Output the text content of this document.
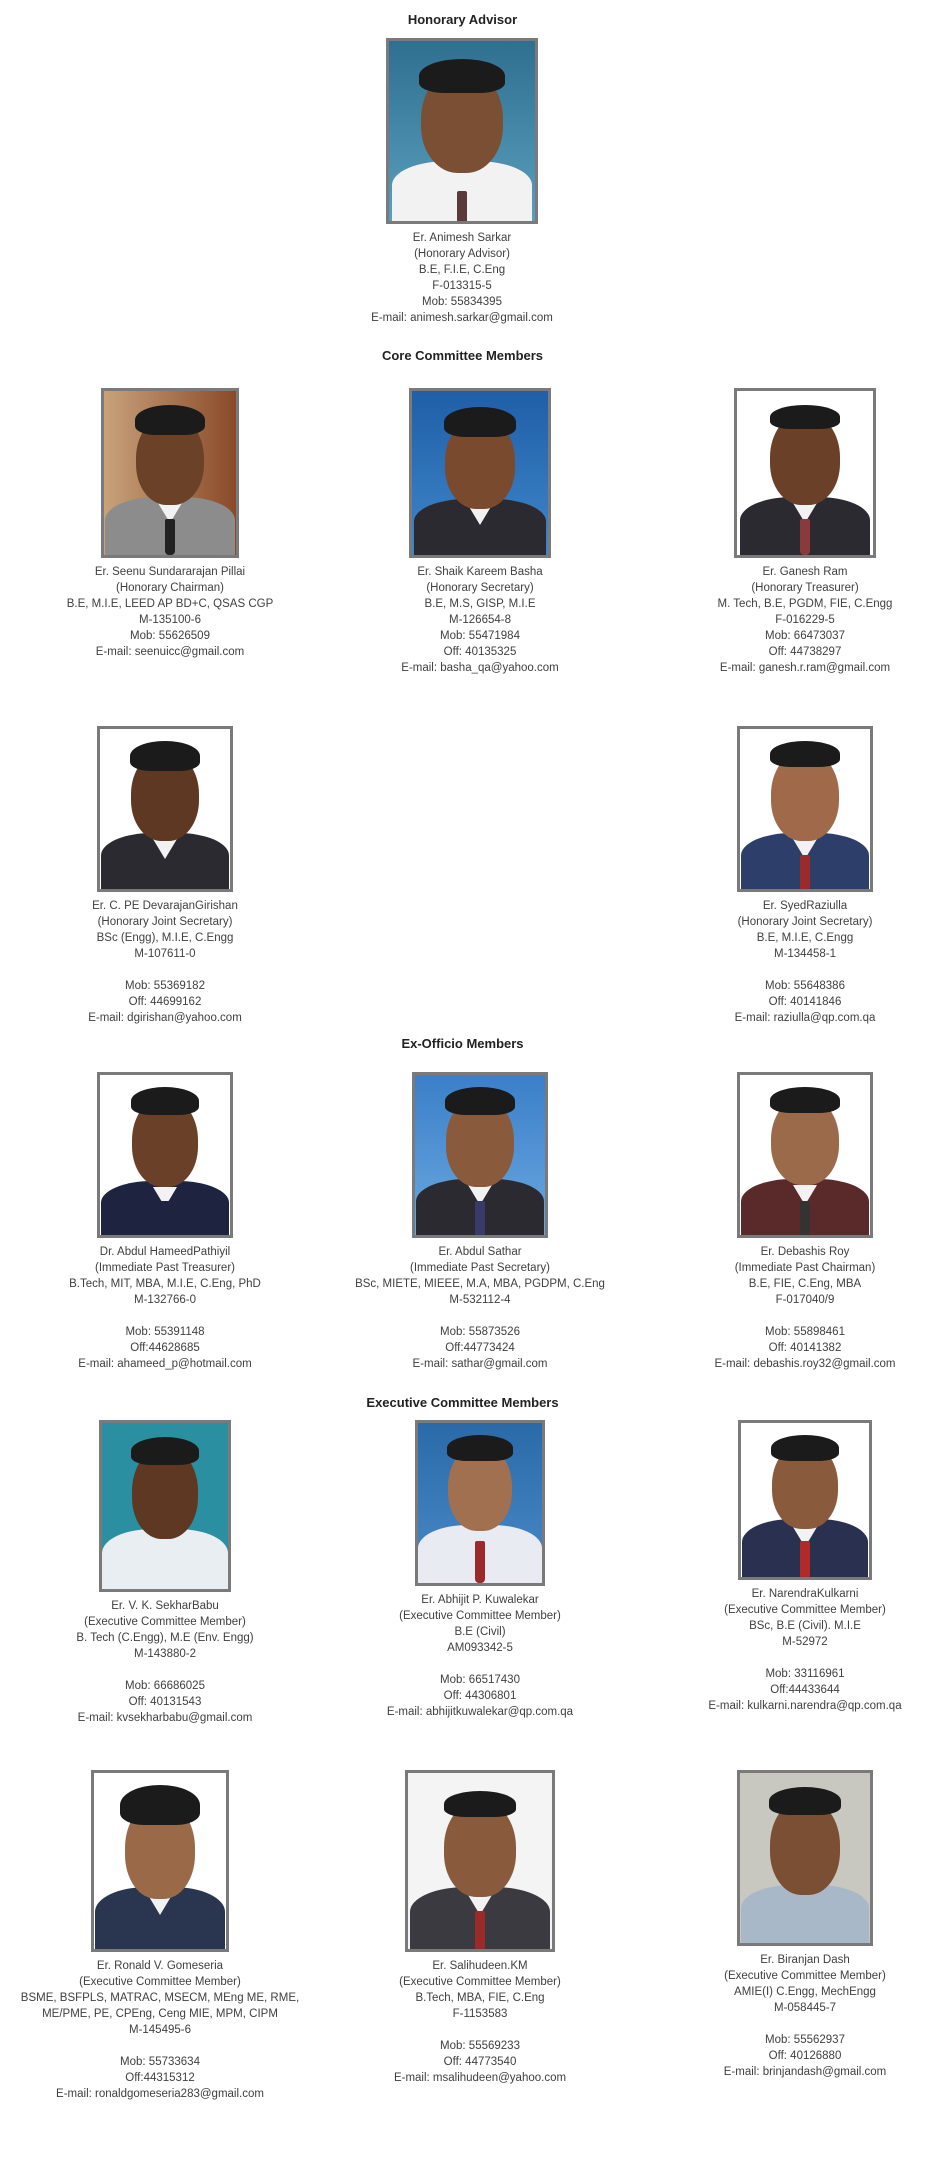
Honorary Advisor
Core Committee Members
Ex-Officio Members
Executive Committee Members
Er. Animesh Sarkar
(Honorary Advisor)
B.E, F.I.E, C.Eng
F-013315-5
Mob: 55834395
E-mail: animesh.sarkar@gmail.com
Er. Seenu Sundararajan Pillai
(Honorary Chairman)
B.E, M.I.E, LEED AP BD+C, QSAS CGP
M-135100-6
Mob: 55626509
E-mail: seenuicc@gmail.com
Er. Shaik Kareem Basha
(Honorary Secretary)
B.E, M.S, GISP, M.I.E
M-126654-8
Mob: 55471984
Off: 40135325
E-mail: basha_qa@yahoo.com
Er. Ganesh Ram
(Honorary Treasurer)
M. Tech, B.E, PGDM, FIE, C.Engg
F-016229-5
Mob: 66473037
Off: 44738297
E-mail: ganesh.r.ram@gmail.com
Er. C. PE DevarajanGirishan
(Honorary Joint Secretary)
BSc (Engg), M.I.E, C.Engg
M-107611-0
Mob: 55369182
Off: 44699162
E-mail: dgirishan@yahoo.com
Er. SyedRaziulla
(Honorary Joint Secretary)
B.E, M.I.E, C.Engg
M-134458-1
Mob: 55648386
Off: 40141846
E-mail: raziulla@qp.com.qa
Dr. Abdul HameedPathiyil
(Immediate Past Treasurer)
B.Tech, MIT, MBA, M.I.E, C.Eng, PhD
M-132766-0
Mob: 55391148
Off:44628685
E-mail: ahameed_p@hotmail.com
Er. Abdul Sathar
(Immediate Past Secretary)
BSc, MIETE, MIEEE, M.A, MBA, PGDPM, C.Eng
M-532112-4
Mob: 55873526
Off:44773424
E-mail: sathar@gmail.com
Er. Debashis Roy
(Immediate Past Chairman)
B.E, FIE, C.Eng, MBA
F-017040/9
Mob: 55898461
Off: 40141382
E-mail: debashis.roy32@gmail.com
Er. V. K. SekharBabu
(Executive Committee Member)
B. Tech (C.Engg), M.E (Env. Engg)
M-143880-2
Mob: 66686025
Off: 40131543
E-mail: kvsekharbabu@gmail.com
Er. Abhijit P. Kuwalekar
(Executive Committee Member)
B.E (Civil)
AM093342-5
Mob: 66517430
Off: 44306801
E-mail: abhijitkuwalekar@qp.com.qa
Er. NarendraKulkarni
(Executive Committee Member)
BSc, B.E (Civil). M.I.E
M-52972
Mob: 33116961
Off:44433644
E-mail: kulkarni.narendra@qp.com.qa
Er. Ronald V. Gomeseria
(Executive Committee Member)
BSME, BSFPLS, MATRAC, MSECM, MEng ME, RME,
ME/PME, PE, CPEng, Ceng MIE, MPM, CIPM
M-145495-6
Mob: 55733634
Off:44315312
E-mail: ronaldgomeseria283@gmail.com
Er. Salihudeen.KM
(Executive Committee Member)
B.Tech, MBA, FIE, C.Eng
F-1153583
Mob: 55569233
Off: 44773540
E-mail: msalihudeen@yahoo.com
Er. Biranjan Dash
(Executive Committee Member)
AMIE(I) C.Engg, MechEngg
M-058445-7
Mob: 55562937
Off: 40126880
E-mail: brinjandash@gmail.com
